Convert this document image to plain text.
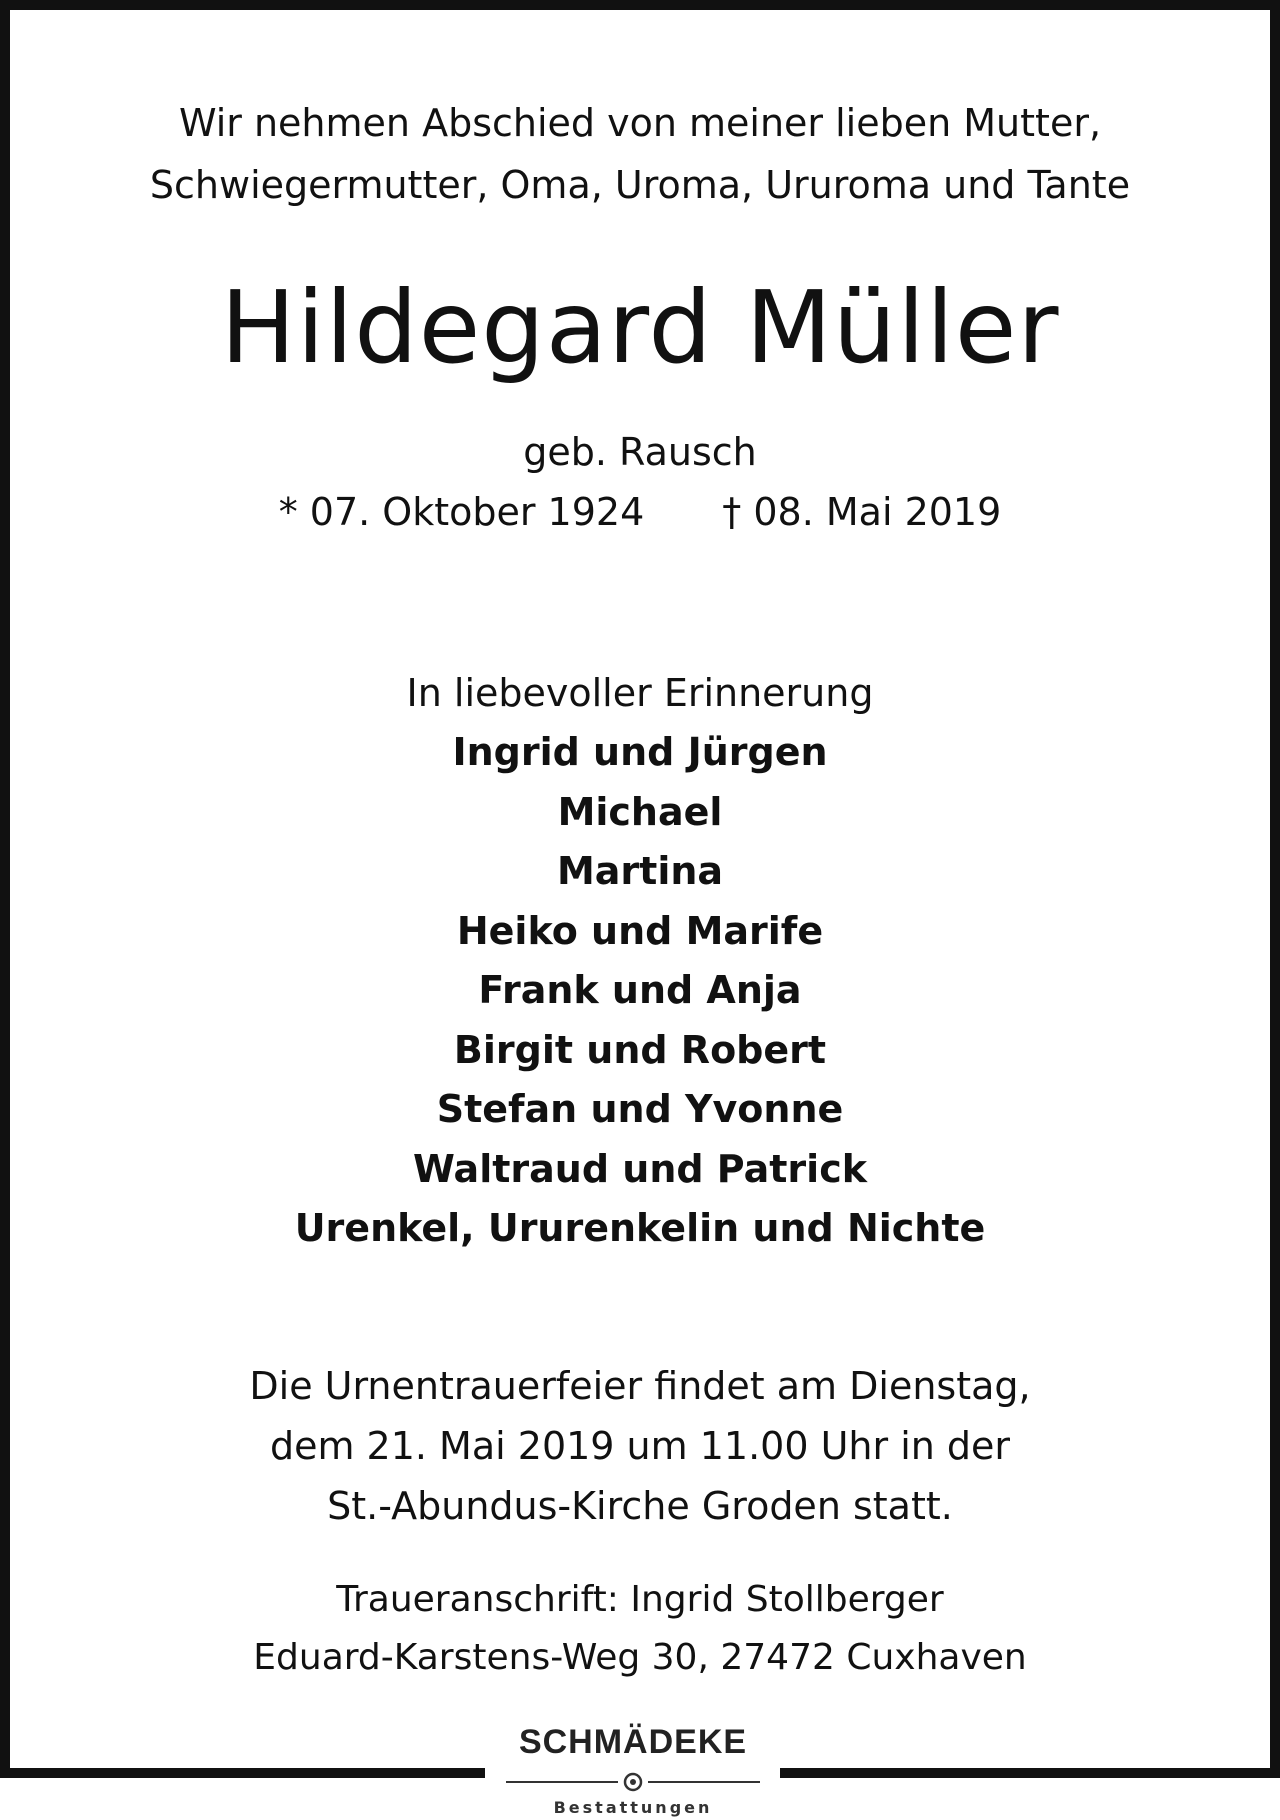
Wir nehmen Abschied von meiner lieben Mutter,
Schwiegermutter, Oma, Uroma, Ururoma und Tante
Hildegard Müller
geb. Rausch
* 07. Oktober 1924 † 08. Mai 2019
In liebevoller Erinnerung
Ingrid und Jürgen
Michael
Martina
Heiko und Marife
Frank und Anja
Birgit und Robert
Stefan und Yvonne
Waltraud und Patrick
Urenkel, Ururenkelin und Nichte
Die Urnentrauerfeier findet am Dienstag,
dem 21. Mai 2019 um 11.00 Uhr in der
St.-Abundus-Kirche Groden statt.
Traueranschrift: Ingrid Stollberger
Eduard-Karstens-Weg 30, 27472 Cuxhaven
SCHMÄDEKE
Bestattungen
